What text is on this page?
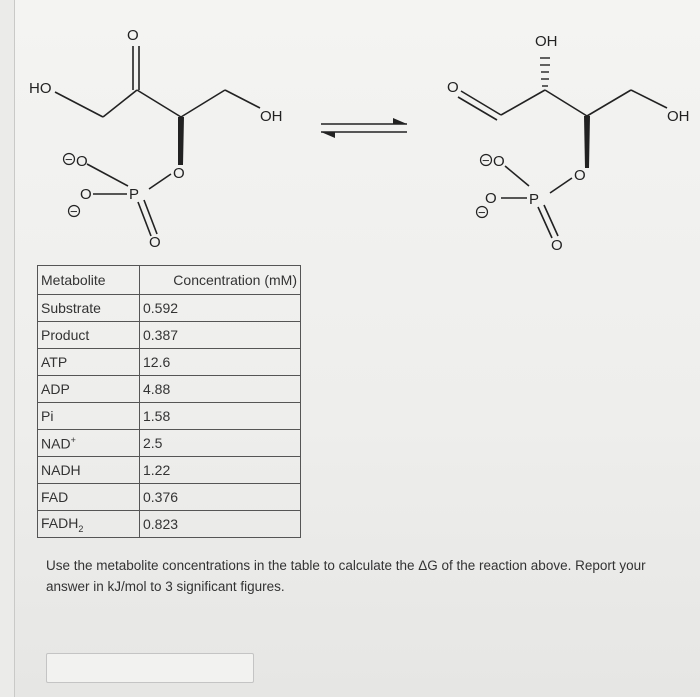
HO
OH
O
O
O P
O
O
−
−
O
OH
OH
O
O P
O
O
−
−
Metabolite	Concentration (mM)
Substrate	0.592
Product	0.387
ATP	12.6
ADP	4.88
Pi	1.58
NAD+	2.5
NADH	1.22
FAD	0.376
$FADH_2$	0.823
Use the metabolite concentrations in the table to calculate the ΔG of the reaction above. Report your answer in kJ/mol to 3 significant figures.
